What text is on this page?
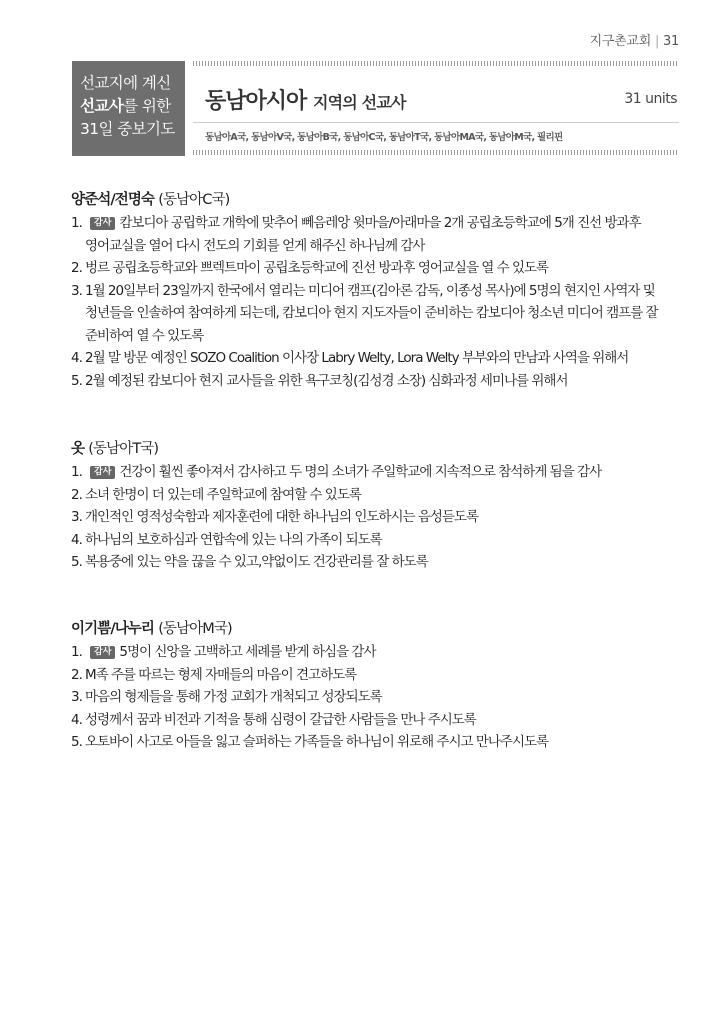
지구촌교회 | 31
선교지에 계신
선교사를 위한
31일 중보기도
동남아시아 지역의 선교사	31 units
동남아A국, 동남아V국, 동남아B국, 동남아C국, 동남아T국, 동남아MA국, 동남아M국, 필리핀
양준석/전명숙 (동남아C국)
1. 감사 캄보디아 공립학교 개학에 맞추어 뻬음레앙 윗마을/아래마을 2개 공립초등학교에 5개 진선 방과후 영어교실을 열어 다시 전도의 기회를 얻게 해주신 하나님께 감사
2. 벙르 공립초등학교와 쁘렉트마이 공립초등학교에 진선 방과후 영어교실을 열 수 있도록
3. 1월 20일부터 23일까지 한국에서 열리는 미디어 캠프(김아론 감독, 이종성 목사)에 5명의 현지인 사역자 및 청년들을 인솔하여 참여하게 되는데, 캄보디아 현지 지도자들이 준비하는 캄보디아 청소년 미디어 캠프를 잘 준비하여 열 수 있도록
4. 2월 말 방문 예정인 SOZO Coalition 이사장 Labry Welty, Lora Welty 부부와의 만남과 사역을 위해서
5. 2월 예정된 캄보디아 현지 교사들을 위한 욕구코칭(김성경 소장) 심화과정 세미나를 위해서
옷 (동남아T국)
1. 감사 건강이 훨씬 좋아져서 감사하고 두 명의 소녀가 주일학교에 지속적으로 참석하게 됨을 감사
2. 소녀 한명이 더 있는데 주일학교에 참여할 수 있도록
3. 개인적인 영적성숙함과 제자훈련에 대한 하나님의 인도하시는 음성듣도록
4. 하나님의 보호하심과 연합속에 있는 나의 가족이 되도록
5. 복용중에 있는 약을 끊을 수 있고,약없이도 건강관리를 잘 하도록
이기쁨/나누리 (동남아M국)
1. 감사 5명이 신앙을 고백하고 세례를 받게 하심을 감사
2. M족 주를 따르는 형제 자매들의 마음이 견고하도록
3. 마음의 형제들을 통해 가정 교회가 개척되고 성장되도록
4. 성령께서 꿈과 비전과 기적을 통해 심령이 갈급한 사람들을 만나 주시도록
5. 오토바이 사고로 아들을 잃고 슬퍼하는 가족들을 하나님이 위로해 주시고 만나주시도록
